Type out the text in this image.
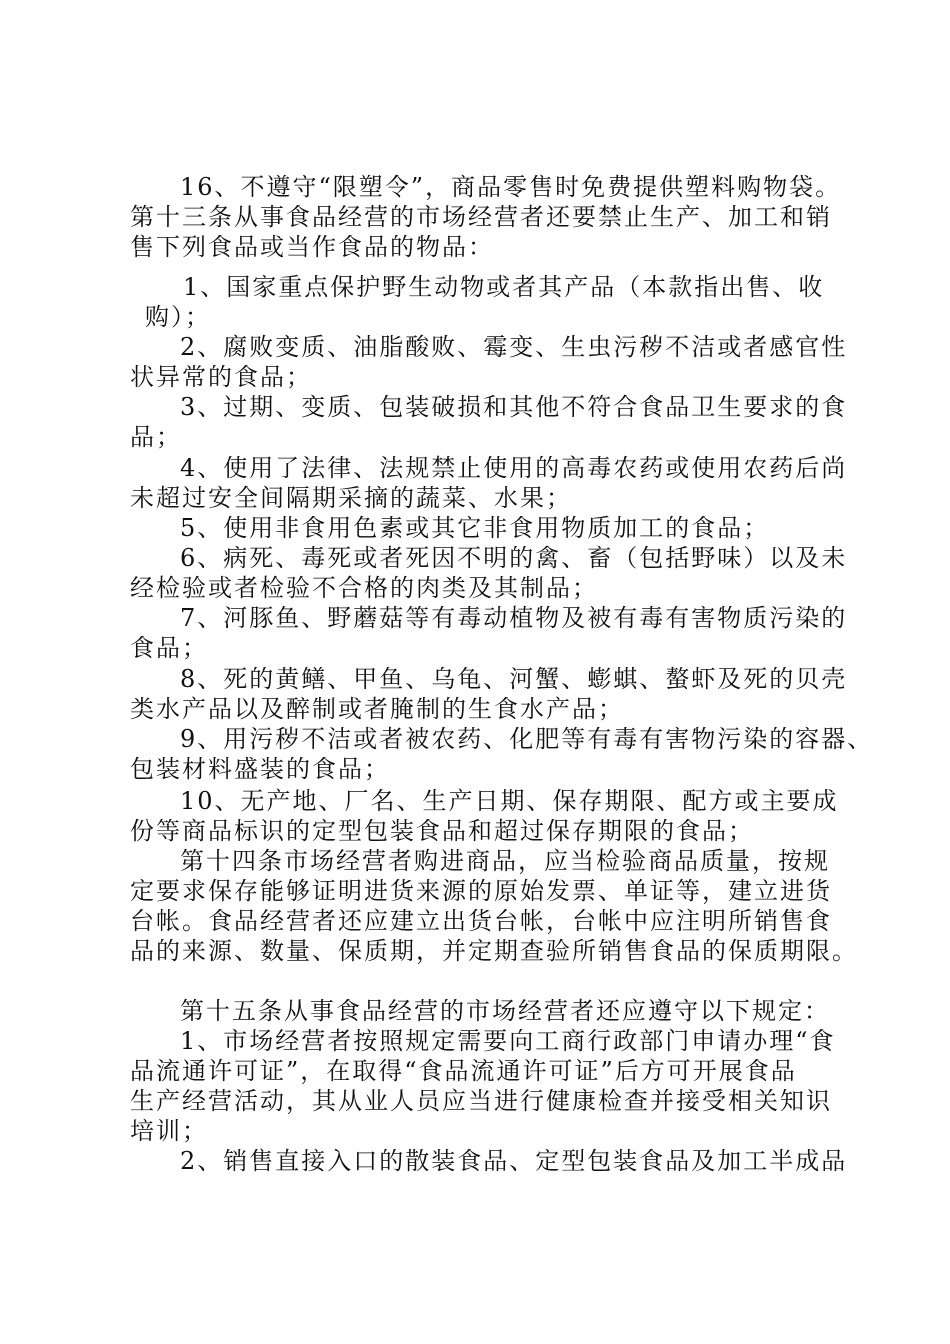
16、不遵守“限塑令”，商品零售时免费提供塑料购物袋。
第十三条从事食品经营的市场经营者还要禁止生产、加工和销
售下列食品或当作食品的物品：
1、国家重点保护野生动物或者其产品（本款指出售、收
购）；
2、腐败变质、油脂酸败、霉变、生虫污秽不洁或者感官性
状异常的食品；
3、过期、变质、包装破损和其他不符合食品卫生要求的食
品；
4、使用了法律、法规禁止使用的高毒农药或使用农药后尚
未超过安全间隔期采摘的蔬菜、水果；
5、使用非食用色素或其它非食用物质加工的食品；
6、病死、毒死或者死因不明的禽、畜（包括野味）以及未
经检验或者检验不合格的肉类及其制品；
7、河豚鱼、野蘑菇等有毒动植物及被有毒有害物质污染的
食品；
8、死的黄鳝、甲鱼、乌龟、河蟹、蟛蜞、螯虾及死的贝壳
类水产品以及醉制或者腌制的生食水产品；
9、用污秽不洁或者被农药、化肥等有毒有害物污染的容器、
包装材料盛装的食品；
10、无产地、厂名、生产日期、保存期限、配方或主要成
份等商品标识的定型包装食品和超过保存期限的食品；
第十四条市场经营者购进商品，应当检验商品质量，按规
定要求保存能够证明进货来源的原始发票、单证等，建立进货
台帐。食品经营者还应建立出货台帐，台帐中应注明所销售食
品的来源、数量、保质期，并定期查验所销售食品的保质期限。
第十五条从事食品经营的市场经营者还应遵守以下规定：
1、市场经营者按照规定需要向工商行政部门申请办理“食
品流通许可证”，在取得“食品流通许可证”后方可开展食品
生产经营活动，其从业人员应当进行健康检查并接受相关知识
培训；
2、销售直接入口的散装食品、定型包装食品及加工半成品
